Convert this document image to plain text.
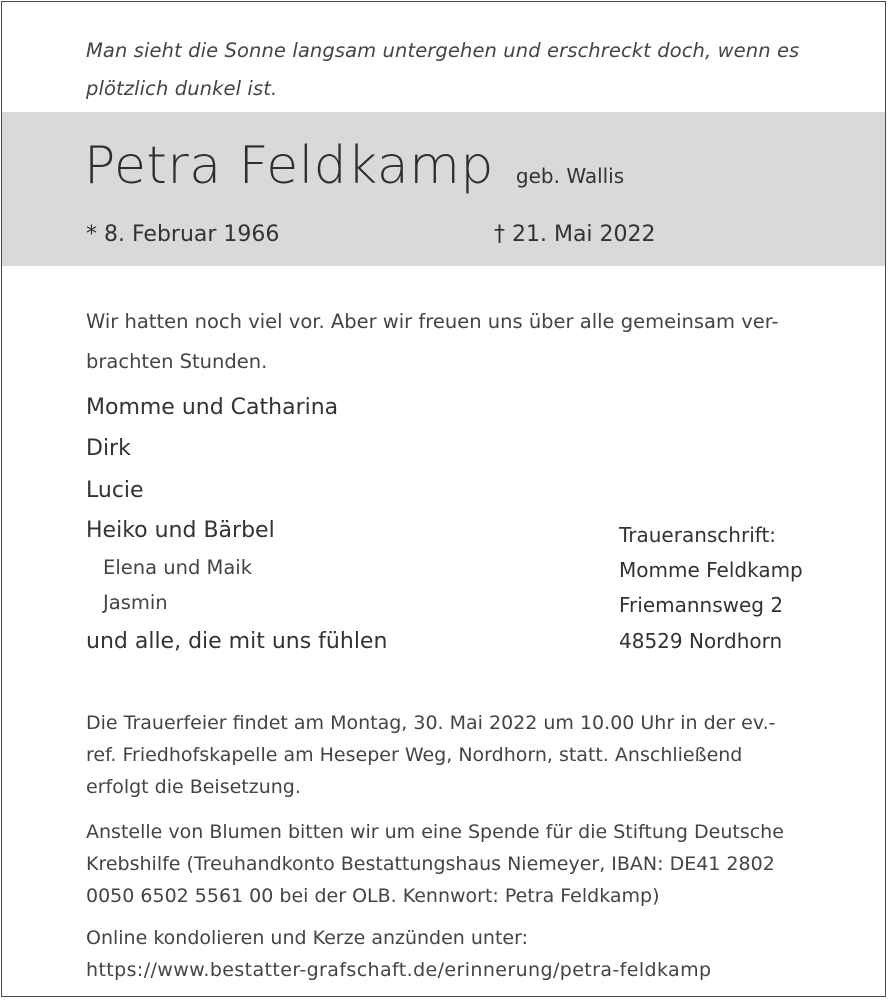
Man sieht die Sonne langsam untergehen und erschreckt doch, wenn es
plötzlich dunkel ist.
Petra Feldkamp geb. Wallis
* 8. Februar 1966	† 21. Mai 2022
Wir hatten noch viel vor. Aber wir freuen uns über alle gemeinsam ver-
brachten Stunden.
Momme und Catharina
Dirk
Lucie
Heiko und Bärbel
Elena und Maik
Jasmin
und alle, die mit uns fühlen
Traueranschrift:
Momme Feldkamp
Friemannsweg 2
48529 Nordhorn
Die Trauerfeier findet am Montag, 30. Mai 2022 um 10.00 Uhr in der ev.-
ref. Friedhofskapelle am Heseper Weg, Nordhorn, statt. Anschließend
erfolgt die Beisetzung.
Anstelle von Blumen bitten wir um eine Spende für die Stiftung Deutsche
Krebshilfe (Treuhandkonto Bestattungshaus Niemeyer, IBAN: DE41 2802
0050 6502 5561 00 bei der OLB. Kennwort: Petra Feldkamp)
Online kondolieren und Kerze anzünden unter:
https://www.bestatter-grafschaft.de/erinnerung/petra-feldkamp
